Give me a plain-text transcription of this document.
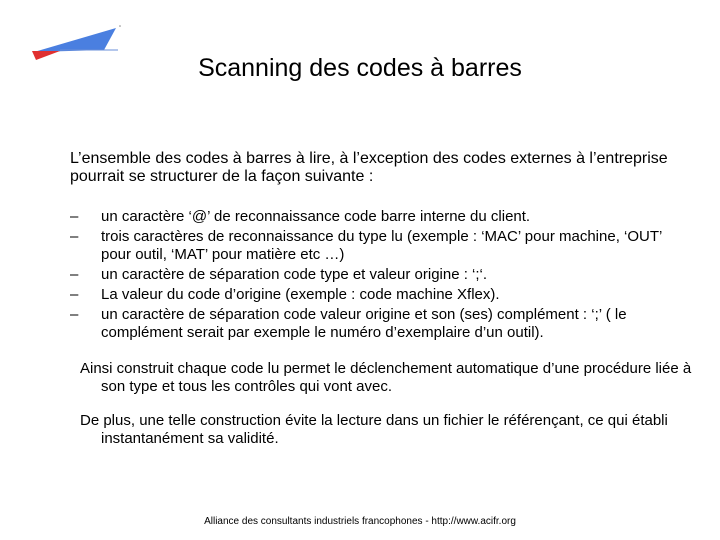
Scanning des codes à barres

L’ensemble des codes à barres à lire, à l’exception des codes externes à l’entreprise pourrait se structurer de la façon suivante :

–	un caractère ‘@’ de reconnaissance code barre interne du client.
–	trois caractères de reconnaissance du type lu (exemple : ‘MAC’ pour machine, ‘OUT’ pour outil, ‘MAT’ pour matière etc …)
–	un caractère de séparation code type et valeur origine : ‘;‘.
–	La valeur du code d’origine (exemple : code machine Xflex).
–	un caractère de séparation code valeur origine et son (ses) complément : ‘;’ ( le complément serait par exemple le numéro d’exemplaire d’un outil).

Ainsi construit chaque code lu permet le déclenchement automatique d’une procédure liée à son type et tous les contrôles qui vont avec.

De plus, une telle construction évite la lecture dans un fichier le référençant, ce qui établi instantanément sa validité.

Alliance des consultants industriels francophones - http://www.acifr.org
